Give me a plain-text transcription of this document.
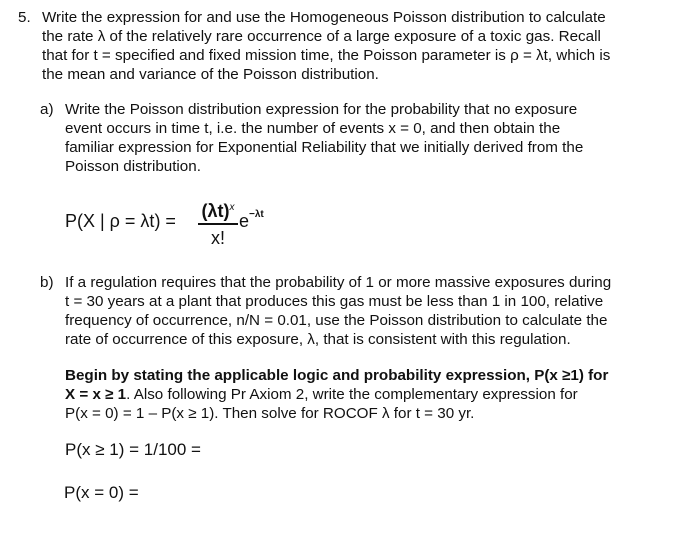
5. Write the expression for and use the Homogeneous Poisson distribution to calculate
the rate λ of the relatively rare occurrence of a large exposure of a toxic gas. Recall
that for t = specified and fixed mission time, the Poisson parameter is ρ = λt, which is
the mean and variance of the Poisson distribution.
a) Write the Poisson distribution expression for the probability that no exposure
event occurs in time t, i.e. the number of events x = 0, and then obtain the
familiar expression for Exponential Reliability that we initially derived from the
Poisson distribution.
P(X | $\rho = \lambda t) = (\lambda t)^x$
x!
$e^{-\lambda t}$
b) If a regulation requires that the probability of 1 or more massive exposures during
t = 30 years at a plant that produces this gas must be less than 1 in 100, relative
frequency of occurrence, n/N = 0.01, use the Poisson distribution to calculate the
rate of occurrence of this exposure, λ, that is consistent with this regulation.
Begin by stating the applicable logic and probability expression, P(x ≥1) for
X = x ≥ 1. Also following Pr Axiom 2, write the complementary expression for
P(x = 0) = 1 – P(x ≥ 1). Then solve for ROCOF λ for t = 30 yr.
P(x ≥ 1) = 1/100 =
P(x = 0) =
